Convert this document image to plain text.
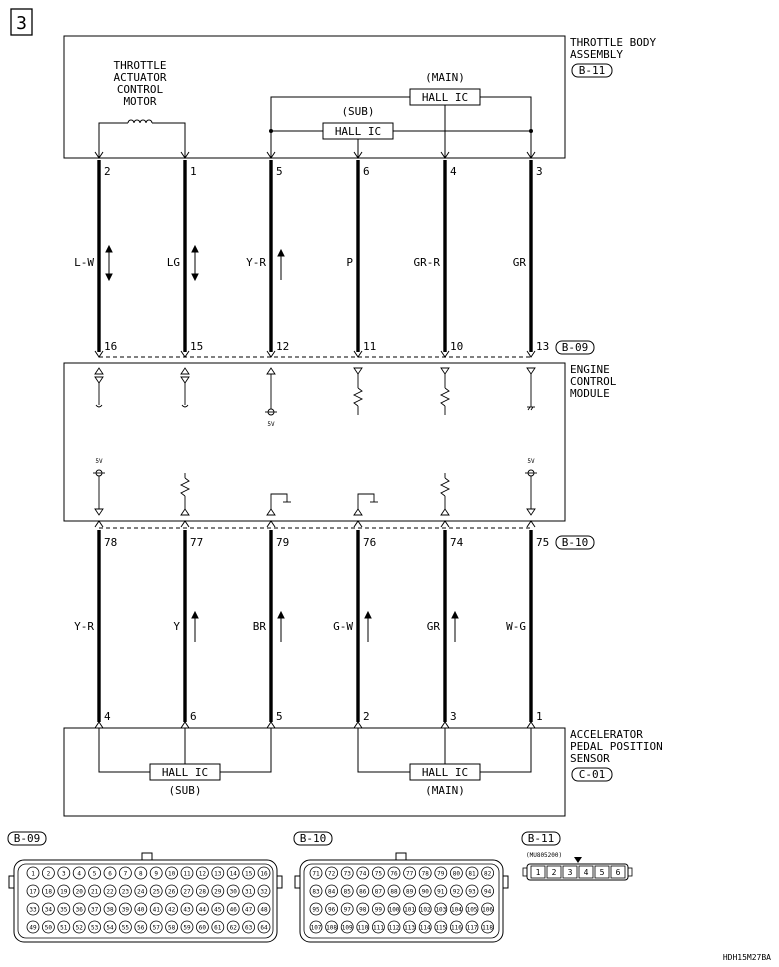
3
THROTTLE BODY
ASSEMBLY
B-11
THROTTLE
ACTUATOR
CONTROL
MOTOR
(MAIN)
HALL IC
(SUB)
HALL IC
2
L-W
16
1
LG
15
5
Y-R
12
6
P
11
4
GR-R
10
3
GR
13 B-09
ENGINE
CONTROL
MODULE
5V
5V	5V
B-10
78
Y-R
4
77
Y
6
79
BR
5
76
G-W
2
74
GR
3
75
W-G
1
ACCELERATOR
PEDAL POSITION
SENSOR
C-01
HALL IC
(SUB)
HALL IC
(MAIN)
B-09
1 2 3 4 5 6 7 8 9 10 11 12 13 14 15 16
17 18 19 20 21 22 23 24 25 26 27 28 29 30 31 32
33 34 35 36 37 38 39 40 41 42 43 44 45 46 47 48
49 50 51 52 53 54 55 56 57 58 59 60 61 62 63 64
B-10
71 72 73 74 75 76 77 78 79 80 81 82
83 84 85 86 87 88 89 90 91 92 93 94
95 96 97 98 99 100 101 102 103 104 105 106
107 108 109 110 111 112 113 114 115 116 117 118
B-11
(MU805200)
1 2 3 4 5 6
HDH15M27BA
